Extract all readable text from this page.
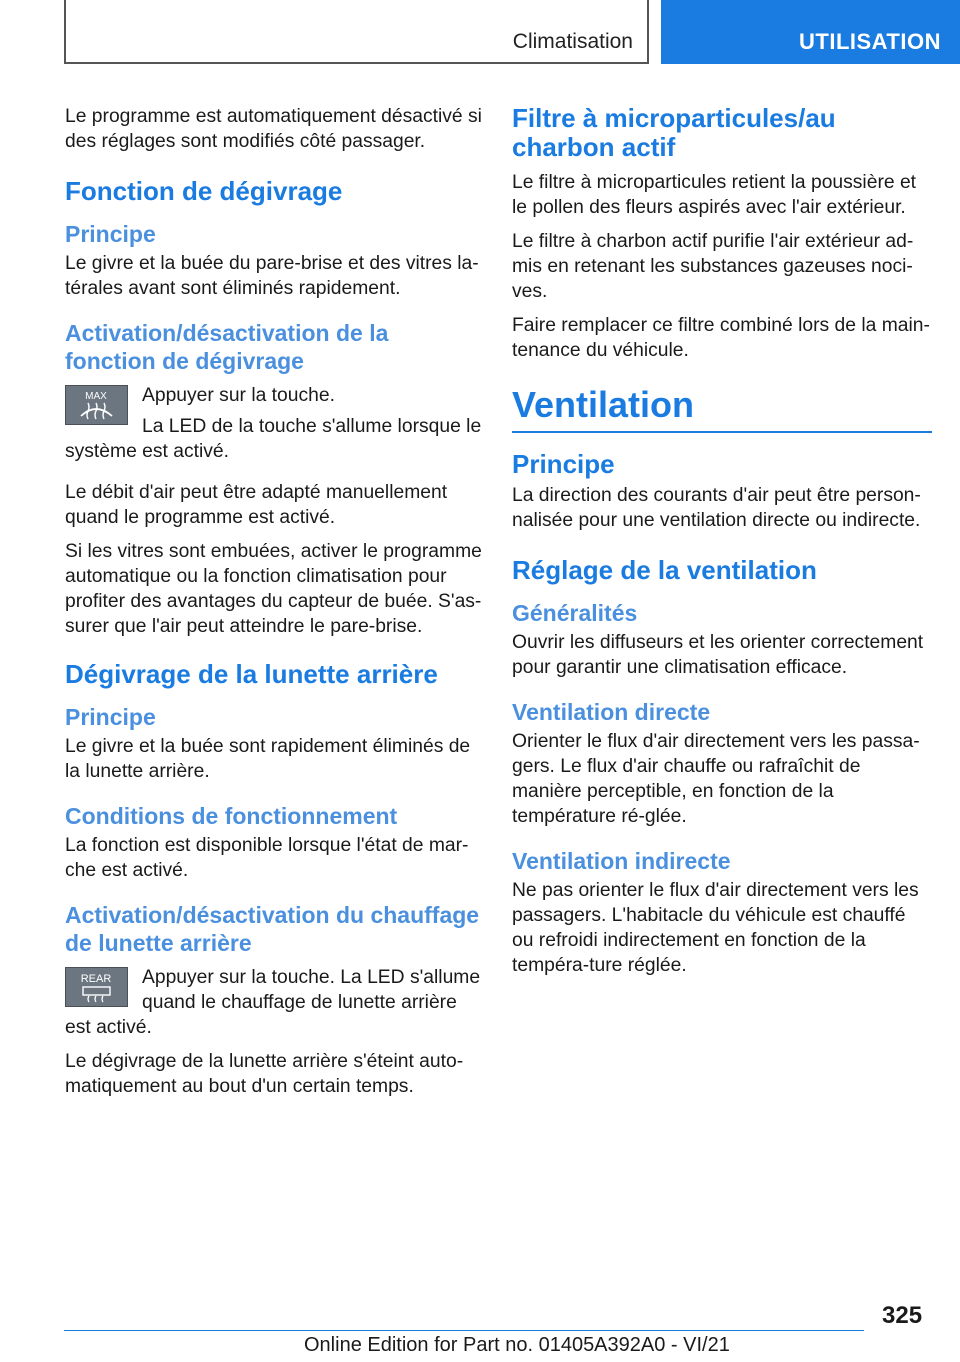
Climatisation	UTILISATION

Le programme est automatiquement désactivé si des réglages sont modifiés côté passager.

Fonction de dégivrage
Principe

Le givre et la buée du pare-brise et des vitres la-térales avant sont éliminés rapidement.

Activation/désactivation de la fonction de dégivrage
MAX Appuyer sur la touche.

La LED de la touche s'allume lorsque le

système est activé.

Le débit d'air peut être adapté manuellement quand le programme est activé.

Si les vitres sont embuées, activer le programme automatique ou la fonction climatisation pour profiter des avantages du capteur de buée. S'as-surer que l'air peut atteindre le pare-brise.

Dégivrage de la lunette arrière
Principe

Le givre et la buée sont rapidement éliminés de la lunette arrière.

Conditions de fonctionnement

La fonction est disponible lorsque l'état de mar-che est activé.

Activation/désactivation du chauffage de lunette arrière
REAR Appuyer sur la touche. La LED s'allume quand le chauffage de lunette arrière

est activé.

Le dégivrage de la lunette arrière s'éteint auto-matiquement au bout d'un certain temps.

Filtre à microparticules/au charbon actif

Le filtre à microparticules retient la poussière et le pollen des fleurs aspirés avec l'air extérieur.

Le filtre à charbon actif purifie l'air extérieur ad-mis en retenant les substances gazeuses noci-ves.

Faire remplacer ce filtre combiné lors de la main-tenance du véhicule.

Ventilation
Principe

La direction des courants d'air peut être person-nalisée pour une ventilation directe ou indirecte.

Réglage de la ventilation
Généralités

Ouvrir les diffuseurs et les orienter correctement pour garantir une climatisation efficace.

Ventilation directe

Orienter le flux d'air directement vers les passa-gers. Le flux d'air chauffe ou rafraîchit de manière perceptible, en fonction de la température ré-glée.

Ventilation indirecte

Ne pas orienter le flux d'air directement vers les passagers. L'habitacle du véhicule est chauffé ou refroidi indirectement en fonction de la tempéra-ture réglée.

325
Online Edition for Part no. 01405A392A0 - VI/21
